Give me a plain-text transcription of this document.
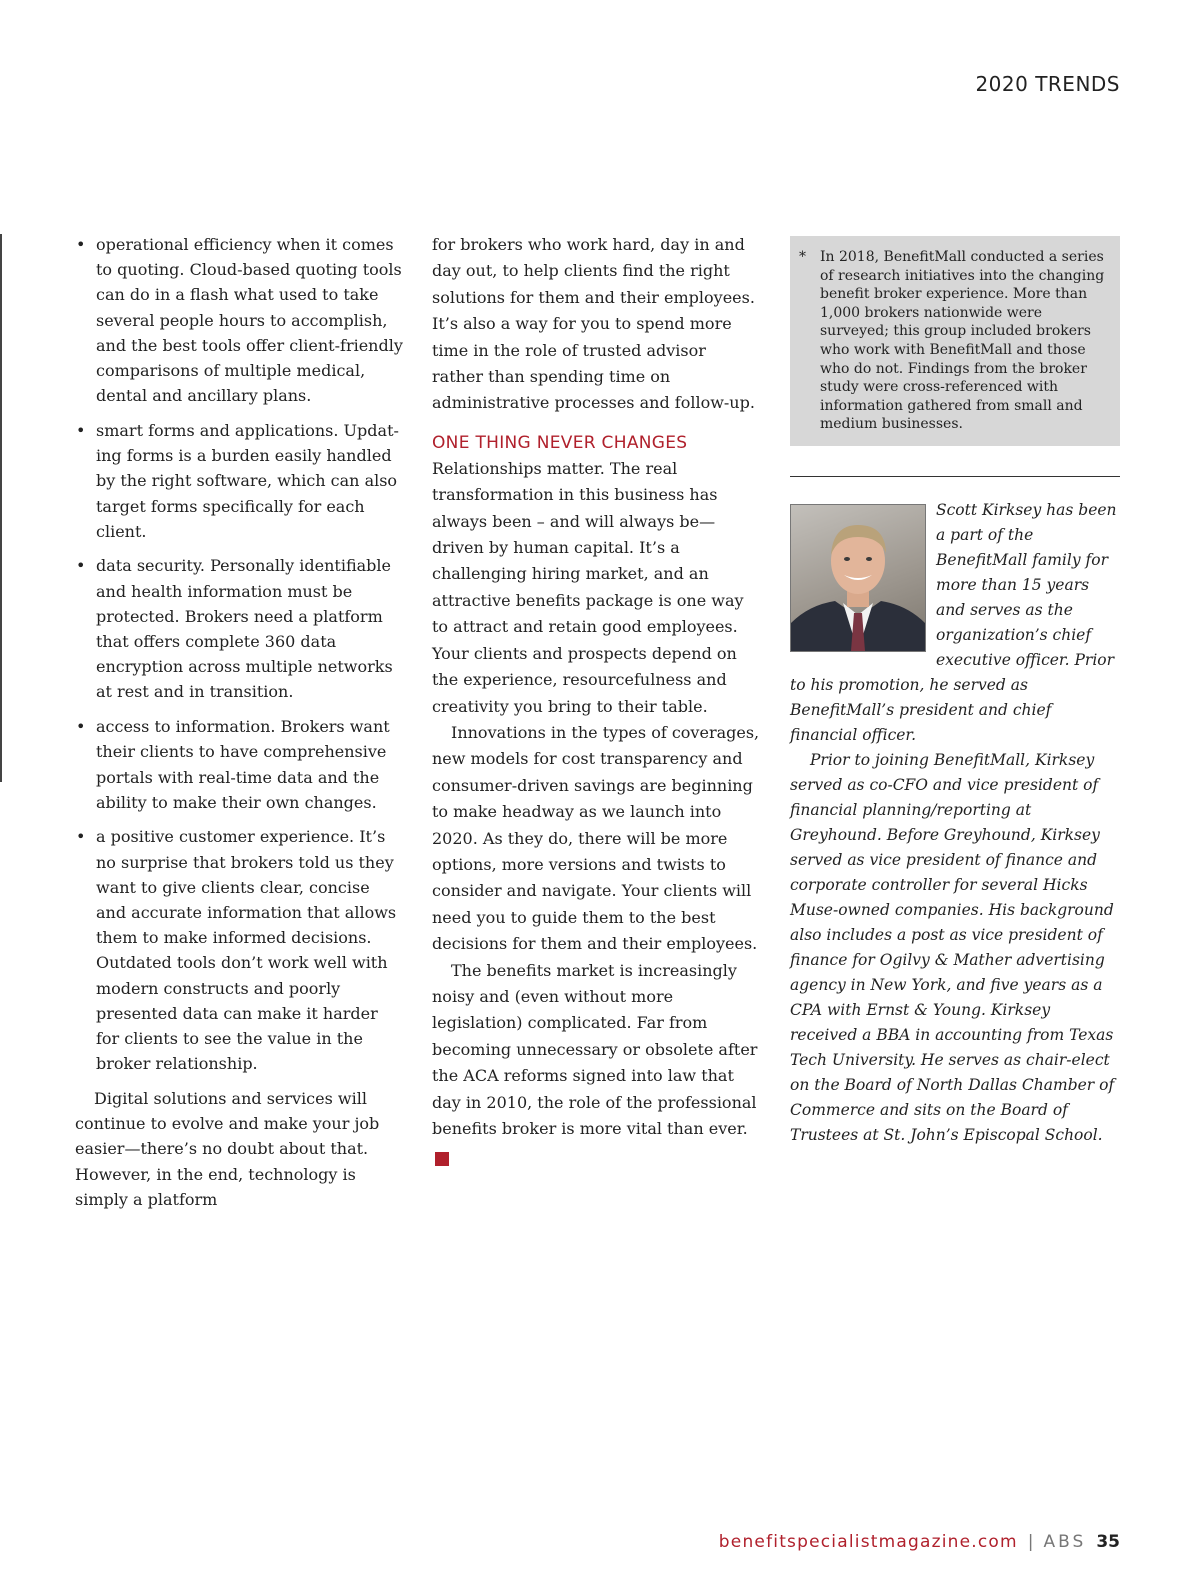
2020 TRENDS
• operational efficiency when it comes to quoting. Cloud-based quoting tools can do in a flash what used to take several people hours to accomplish, and the best tools offer client-friendly comparisons of multiple medical, dental and ancillary plans.
• smart forms and applications. Updating forms is a burden easily handled by the right software, which can also target forms specifically for each client.
• data security. Personally identifiable and health information must be protected. Brokers need a platform that offers complete 360 data encryption across multiple networks at rest and in transition.
• access to information. Brokers want their clients to have comprehensive portals with real-time data and the ability to make their own changes.
• a positive customer experience. It’s no surprise that brokers told us they want to give clients clear, concise and accurate information that allows them to make informed decisions. Outdated tools don’t work well with modern constructs and poorly presented data can make it harder for clients to see the value in the broker relationship.

Digital solutions and services will continue to evolve and make your job easier—there’s no doubt about that. However, in the end, technology is simply a platform

for brokers who work hard, day in and day out, to help clients find the right solutions for them and their employees. It’s also a way for you to spend more time in the role of trusted advisor rather than spending time on administrative processes and follow-up.

ONE THING NEVER CHANGES

Relationships matter. The real transformation in this business has always been – and will always be—driven by human capital. It’s a challenging hiring market, and an attractive benefits package is one way to attract and retain good employees. Your clients and prospects depend on the experience, resourcefulness and creativity you bring to their table.

Innovations in the types of coverages, new models for cost transparency and consumer-driven savings are beginning to make headway as we launch into 2020. As they do, there will be more options, more versions and twists to consider and navigate. Your clients will need you to guide them to the best decisions for them and their employees.

The benefits market is increasingly noisy and (even without more legislation) complicated. Far from becoming unnecessary or obsolete after the ACA reforms signed into law that day in 2010, the role of the professional benefits broker is more vital than ever.A

* In 2018, BenefitMall conducted a series of research initiatives into the changing benefit broker experience. More than 1,000 brokers nationwide were surveyed; this group included brokers who work with BenefitMall and those who do not. Findings from the broker study were cross-referenced with information gathered from small and medium businesses.

Scott Kirksey has been a part of the BenefitMall family for more than 15 years and serves as the organization’s chief executive officer. Prior to his promotion, he served as BenefitMall’s president and chief financial officer.

Prior to joining BenefitMall, Kirksey served as co-CFO and vice president of financial planning/reporting at Greyhound. Before Greyhound, Kirksey served as vice president of finance and corporate controller for several Hicks Muse-owned companies. His background also includes a post as vice president of finance for Ogilvy & Mather advertising agency in New York, and five years as a CPA with Ernst & Young. Kirksey received a BBA in accounting from Texas Tech University. He serves as chair-elect on the Board of North Dallas Chamber of Commerce and sits on the Board of Trustees at St. John’s Episcopal School.

benefitspecialistmagazine.com | ABS 35
